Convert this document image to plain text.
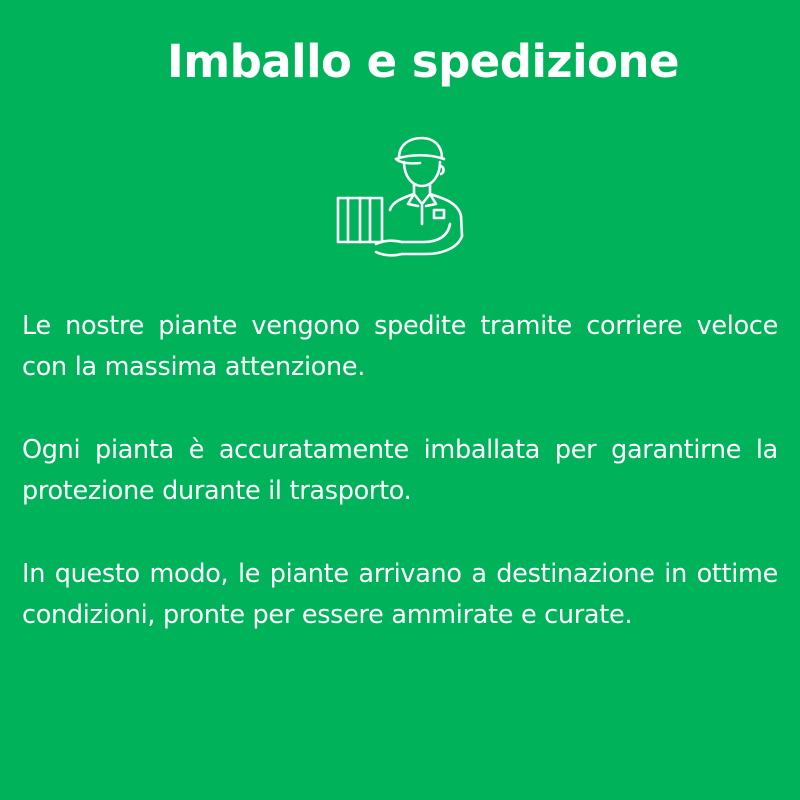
Imballo e spedizione

Le nostre piante vengono spedite tramite corriere veloce con la massima attenzione.

Ogni pianta è accuratamente imballata per garantirne la protezione durante il trasporto.

In questo modo, le piante arrivano a destinazione in ottime condizioni, pronte per essere ammirate e curate.
